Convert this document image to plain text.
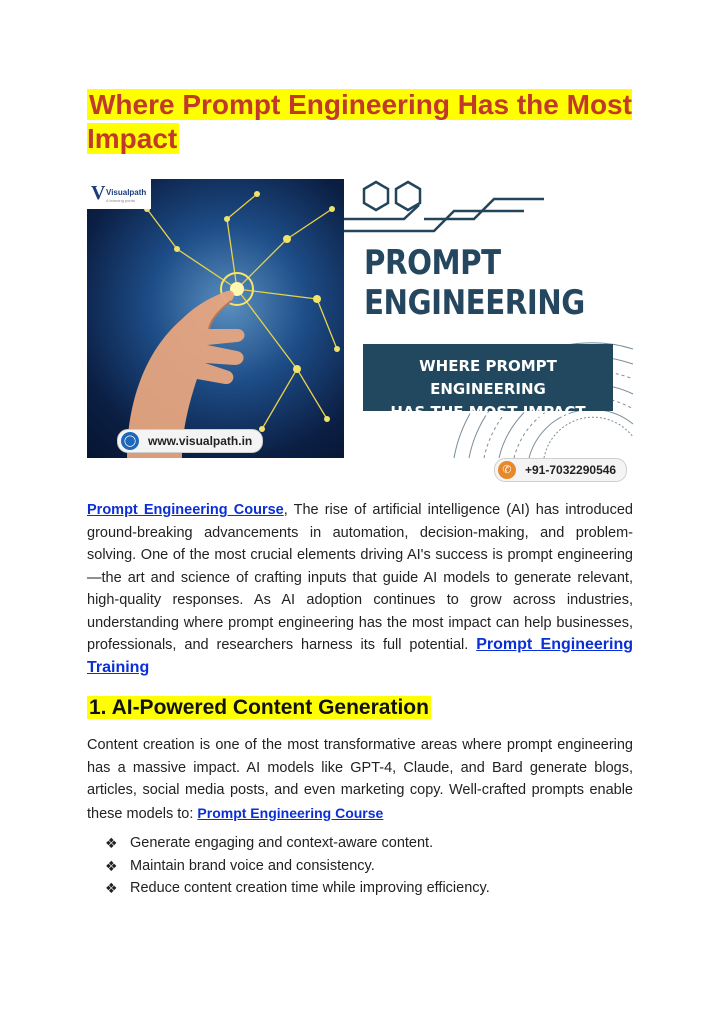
Where Prompt Engineering Has the Most Impact
V Visualpath
A learning portal
◯ www.visualpath.in
PROMPT
ENGINEERING
WHERE PROMPT ENGINEERING
HAS THE MOST IMPACT
✆	+91-7032290546

Prompt Engineering Course, The rise of artificial intelligence (AI) has introduced ground-breaking advancements in automation, decision-making, and problem-solving. One of the most crucial elements driving AI's success is prompt engineering—the art and science of crafting inputs that guide AI models to generate relevant, high-quality responses. As AI adoption continues to grow across industries, understanding where prompt engineering has the most impact can help businesses, professionals, and researchers harness its full potential. Prompt Engineering Training

1. AI-Powered Content Generation

Content creation is one of the most transformative areas where prompt engineering has a massive impact. AI models like GPT-4, Claude, and Bard generate blogs, articles, social media posts, and even marketing copy. Well-crafted prompts enable these models to: Prompt Engineering Course

❖ Generate engaging and context-aware content.
❖ Maintain brand voice and consistency.
❖ Reduce content creation time while improving efficiency.
